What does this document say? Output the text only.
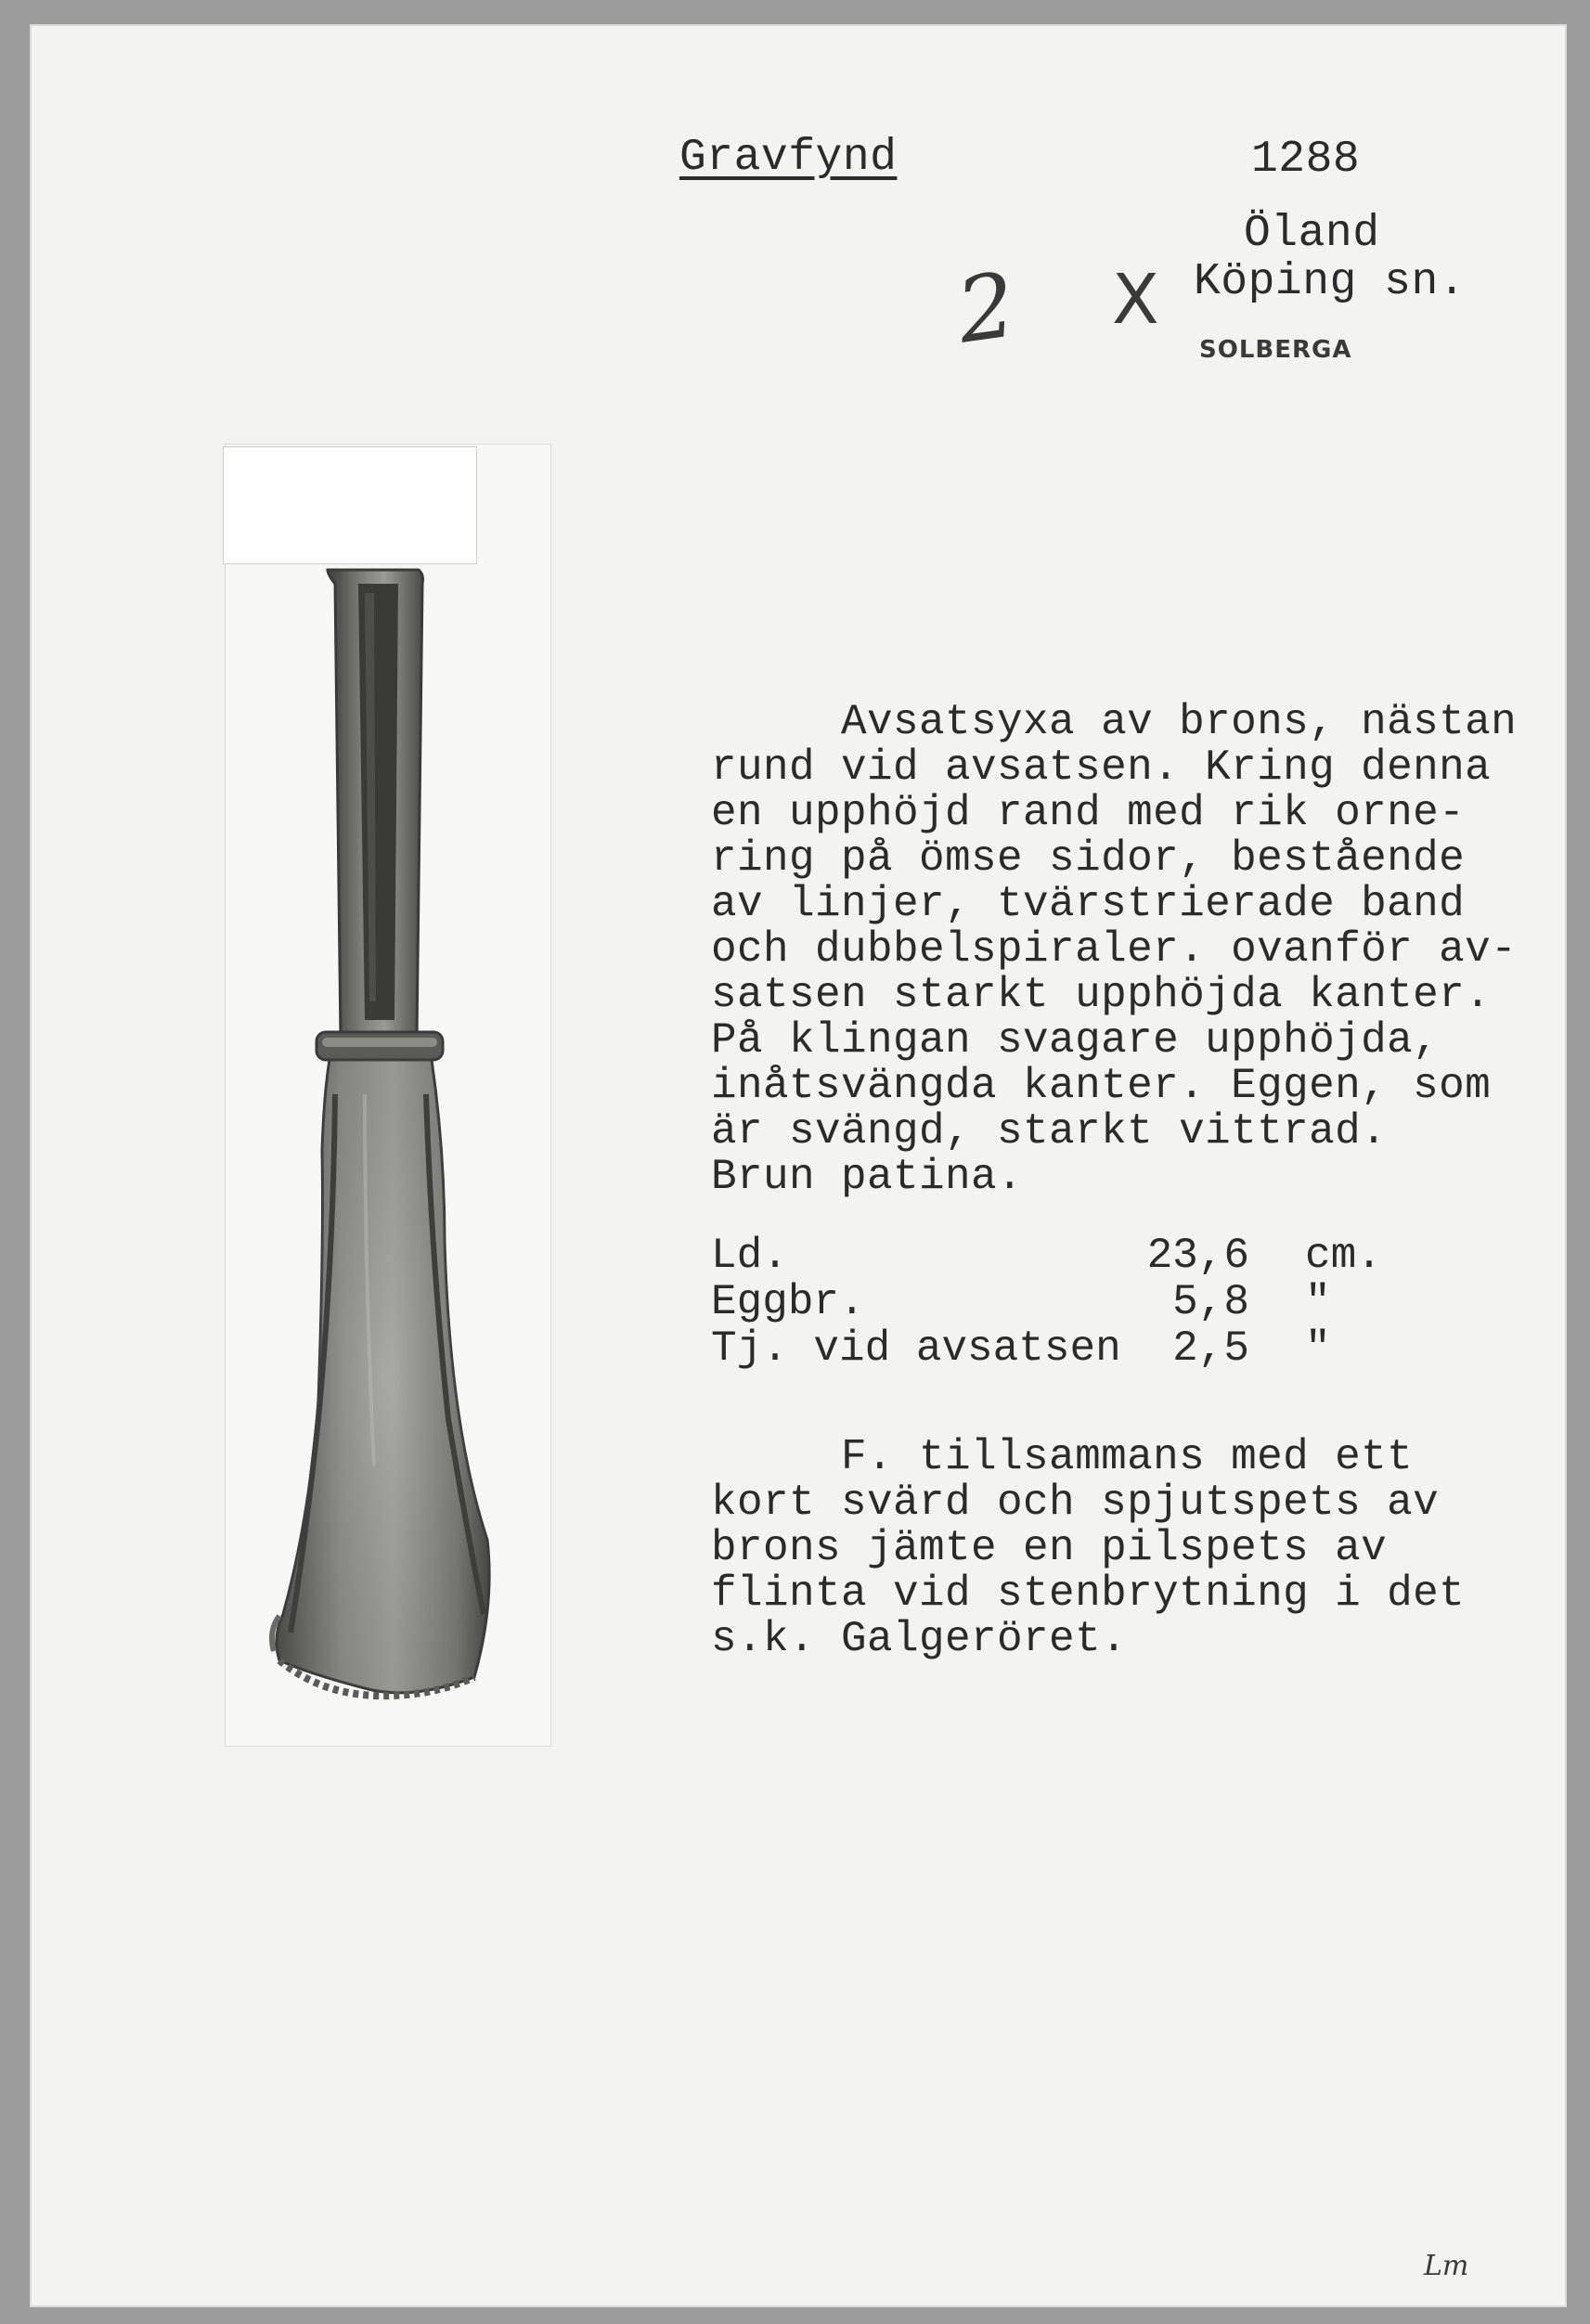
Gravfynd	1288
Öland
Köping sn.
SOLBERGA
2 X
Avsatsyxa av brons, nästan
rund vid avsatsen. Kring denna
en upphöjd rand med rik orne-
ring på ömse sidor, bestående
av linjer, tvärstrierade band
och dubbelspiraler. ovanför av-
satsen starkt upphöjda kanter.
På klingan svagare upphöjda,
inåtsvängda kanter. Eggen, som
är svängd, starkt vittrad.
Brun patina.
Ld.	23,6 cm.
Eggbr.	5,8 "
Tj. vid avsatsen 2,5 "
F. tillsammans med ett
kort svärd och spjutspets av
brons jämte en pilspets av
flinta vid stenbrytning i det
s.k. Galgeröret.
Lm
